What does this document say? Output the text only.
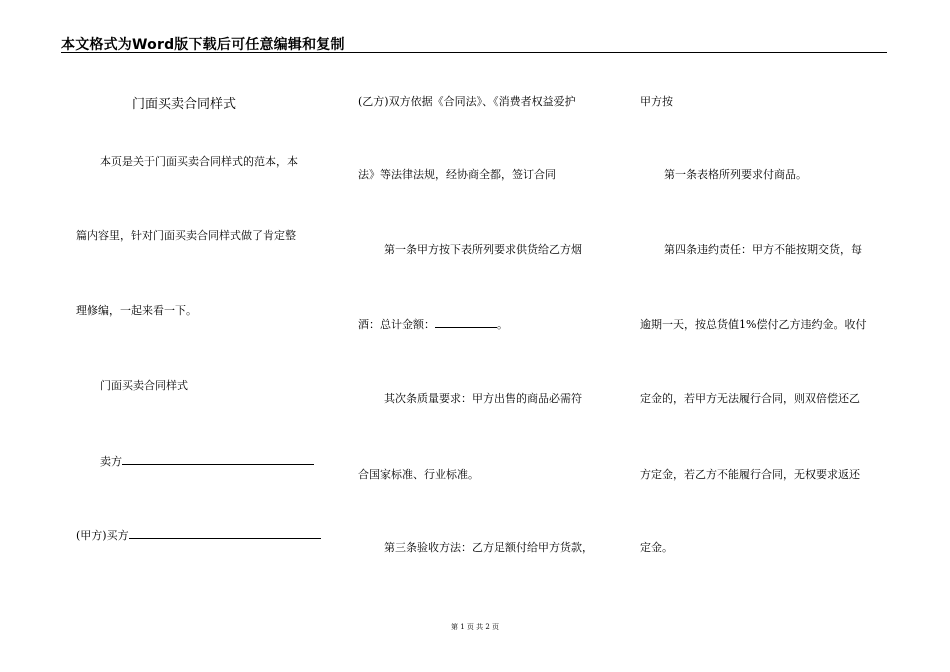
本文格式为Word版下载后可任意编辑和复制
门面买卖合同样式
本页是关于门面买卖合同样式的范本，本
篇内容里，针对门面买卖合同样式做了肯定整
理修编，一起来看一下。
门面买卖合同样式
卖方
(甲方)买方
(乙方)双方依据《合同法》、《消费者权益爱护
法》等法律法规，经协商全都，签订合同
第一条甲方按下表所列要求供货给乙方烟
酒：总计金额：	。
其次条质量要求：甲方出售的商品必需符
合国家标准、行业标准。
第三条验收方法：乙方足额付给甲方货款，
甲方按
第一条表格所列要求付商品。
第四条违约责任：甲方不能按期交货，每
逾期一天，按总货值1%偿付乙方违约金。收付
定金的，若甲方无法履行合同，则双倍偿还乙
方定金，若乙方不能履行合同，无权要求返还
定金。
第 1 页 共 2 页
